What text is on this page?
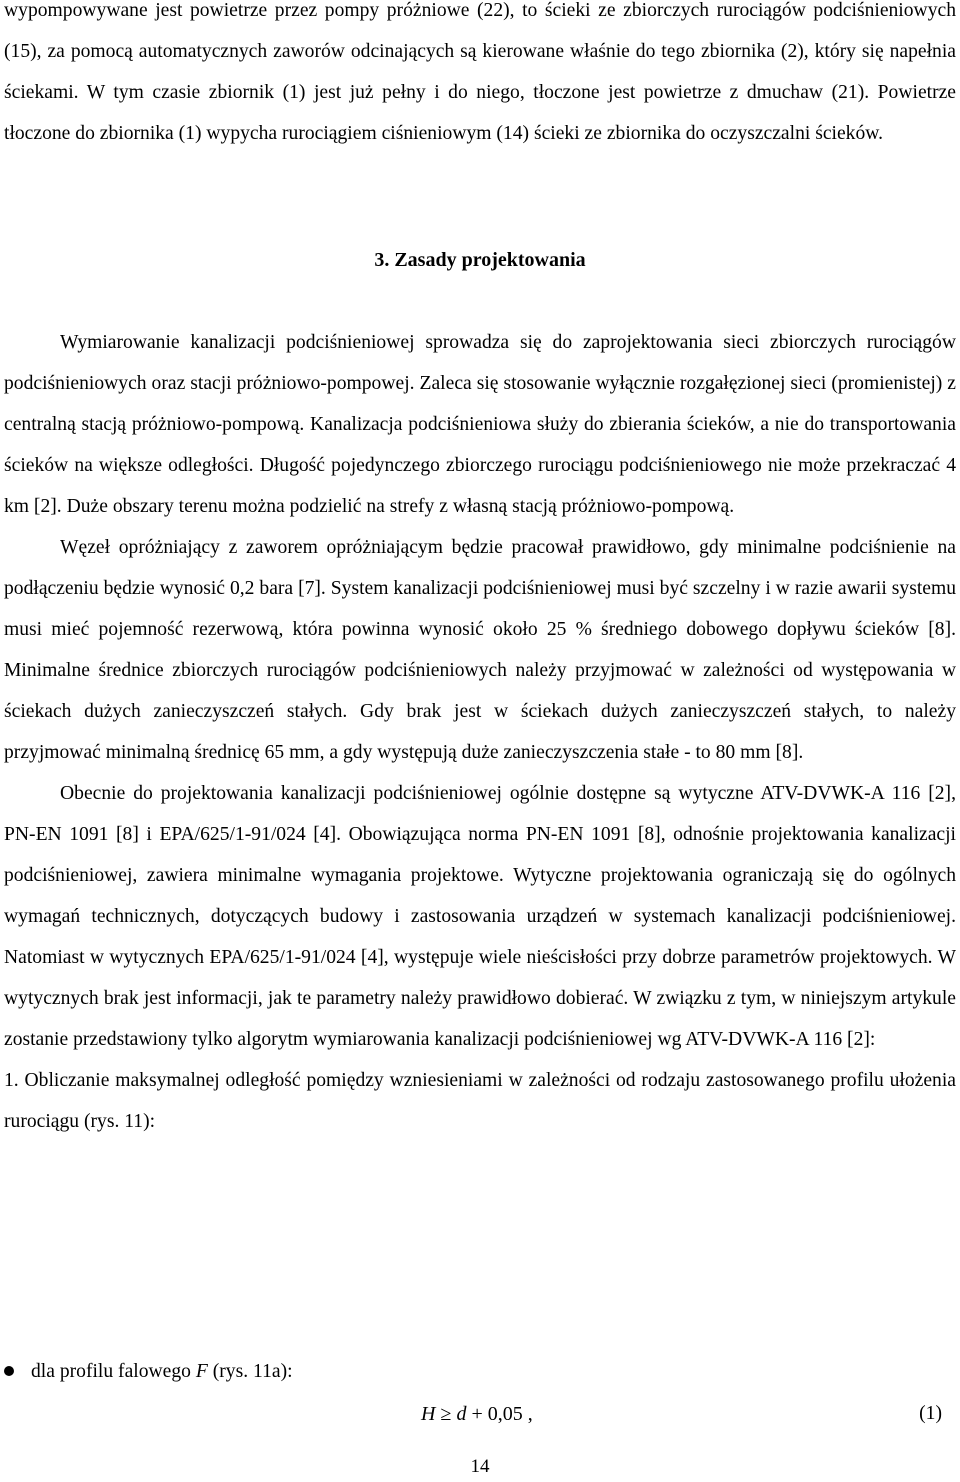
wypompowywane jest powietrze przez pompy próżniowe (22), to ścieki ze zbiorczych rurociągów podciśnieniowych (15), za pomocą automatycznych zaworów odcinających są kierowane właśnie do tego zbiornika (2), który się napełnia ściekami. W tym czasie zbiornik (1) jest już pełny i do niego, tłoczone jest powietrze z dmuchaw (21). Powietrze tłoczone do zbiornika (1) wypycha rurociągiem ciśnieniowym (14) ścieki ze zbiornika do oczyszczalni ścieków.

3. Zasady projektowania

Wymiarowanie kanalizacji podciśnieniowej sprowadza się do zaprojektowania sieci zbiorczych rurociągów podciśnieniowych oraz stacji próżniowo-pompowej. Zaleca się stosowanie wyłącznie rozgałęzionej sieci (promienistej) z centralną stacją próżniowo-pompową. Kanalizacja podciśnieniowa służy do zbierania ścieków, a nie do transportowania ścieków na większe odległości. Długość pojedynczego zbiorczego rurociągu podciśnieniowego nie może przekraczać 4 km [2]. Duże obszary terenu można podzielić na strefy z własną stacją próżniowo-pompową.

Węzeł opróżniający z zaworem opróżniającym będzie pracował prawidłowo, gdy minimalne podciśnienie na podłączeniu będzie wynosić 0,2 bara [7]. System kanalizacji podciśnieniowej musi być szczelny i w razie awarii systemu musi mieć pojemność rezerwową, która powinna wynosić około 25 % średniego dobowego dopływu ścieków [8]. Minimalne średnice zbiorczych rurociągów podciśnieniowych należy przyjmować w zależności od występowania w ściekach dużych zanieczyszczeń stałych. Gdy brak jest w ściekach dużych zanieczyszczeń stałych, to należy przyjmować minimalną średnicę 65 mm, a gdy występują duże zanieczyszczenia stałe - to 80 mm [8].

Obecnie do projektowania kanalizacji podciśnieniowej ogólnie dostępne są wytyczne ATV-DVWK-A 116 [2], PN-EN 1091 [8] i EPA/625/1-91/024 [4]. Obowiązująca norma PN-EN 1091 [8], odnośnie projektowania kanalizacji podciśnieniowej, zawiera minimalne wymagania projektowe. Wytyczne projektowania ograniczają się do ogólnych wymagań technicznych, dotyczących budowy i zastosowania urządzeń w systemach kanalizacji podciśnieniowej. Natomiast w wytycznych EPA/625/1-91/024 [4], występuje wiele nieścisłości przy dobrze parametrów projektowych. W wytycznych brak jest informacji, jak te parametry należy prawidłowo dobierać. W związku z tym, w niniejszym artykule zostanie przedstawiony tylko algorytm wymiarowania kanalizacji podciśnieniowej wg ATV-DVWK-A 116 [2]:

1. Obliczanie maksymalnej odległość pomiędzy wzniesieniami w zależności od rodzaju zastosowanego profilu ułożenia rurociągu (rys. 11):

dla profilu falowego F (rys. 11a):
H ≥ d + 0,05 ,	(1)
14
